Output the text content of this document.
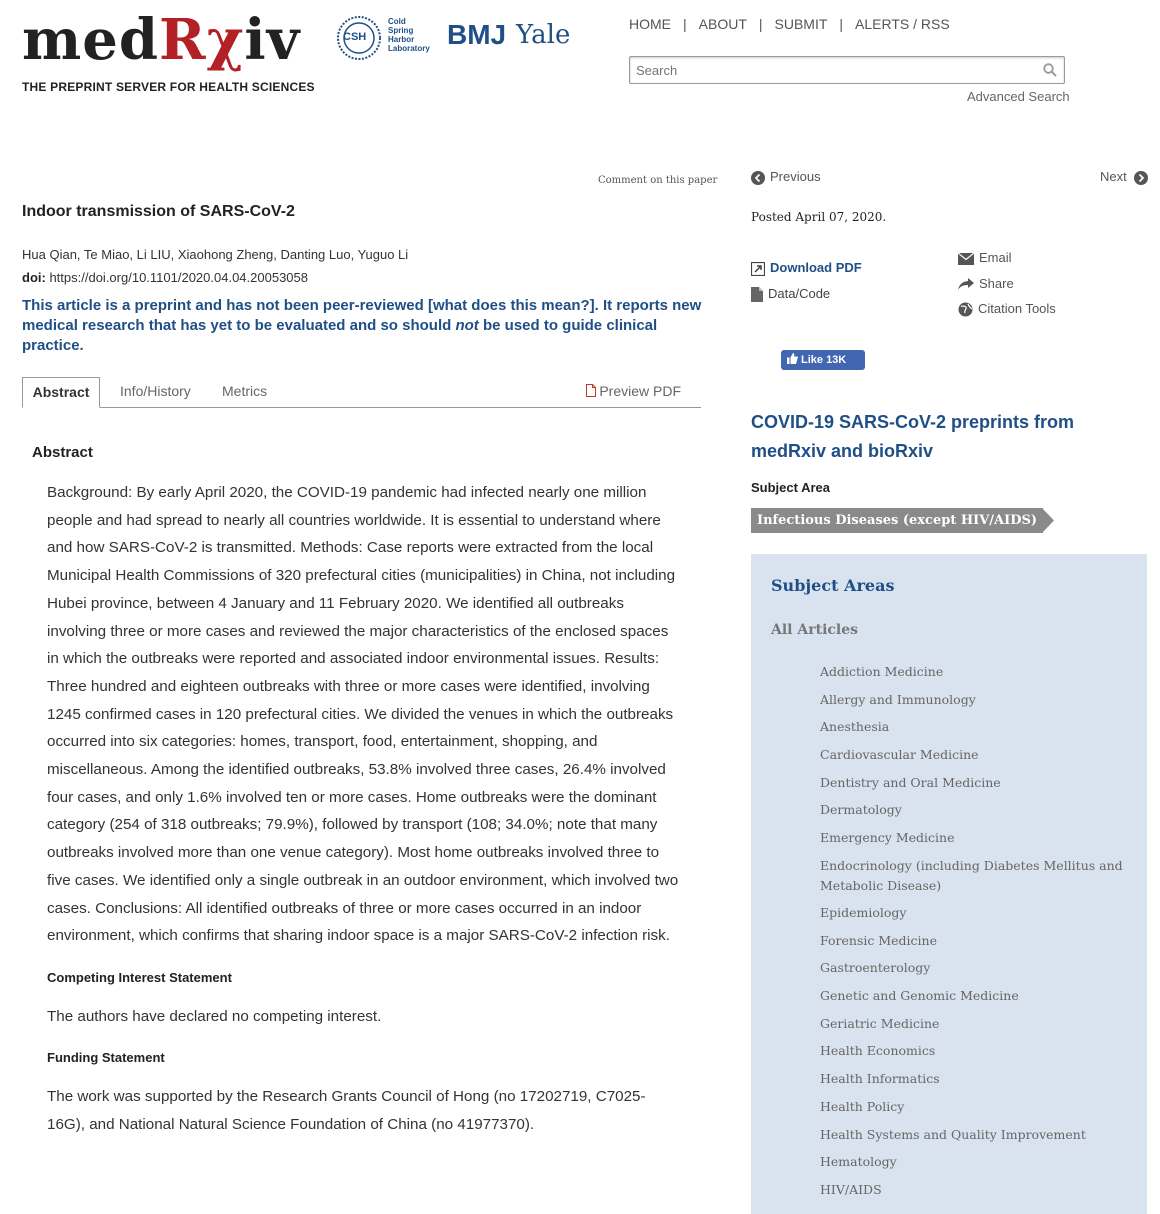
medRχiv
THE PREPRINT SERVER FOR HEALTH SCIENCES
CSH
Cold
Spring
Harbor
Laboratory BMJ Yale	HOME | ABOUT | SUBMIT | ALERTS / RSS
Search
Advanced Search
Comment on this paper
Indoor transmission of SARS-CoV-2
Hua Qian, Te Miao, Li LIU, Xiaohong Zheng, Danting Luo, Yuguo Li
doi: https://doi.org/10.1101/2020.04.04.20053058
This article is a preprint and has not been peer-reviewed [what does this mean?]. It reports new medical research that has yet to be evaluated and so should not be used to guide clinical practice.
Abstract	Info/History Metrics	Preview PDF
Abstract
Background: By early April 2020, the COVID-19 pandemic had infected nearly one million people and had spread to nearly all countries worldwide. It is essential to understand where and how SARS-CoV-2 is transmitted. Methods: Case reports were extracted from the local Municipal Health Commissions of 320 prefectural cities (municipalities) in China, not including Hubei province, between 4 January and 11 February 2020. We identified all outbreaks involving three or more cases and reviewed the major characteristics of the enclosed spaces in which the outbreaks were reported and associated indoor environmental issues. Results: Three hundred and eighteen outbreaks with three or more cases were identified, involving 1245 confirmed cases in 120 prefectural cities. We divided the venues in which the outbreaks occurred into six categories: homes, transport, food, entertainment, shopping, and miscellaneous. Among the identified outbreaks, 53.8% involved three cases, 26.4% involved four cases, and only 1.6% involved ten or more cases. Home outbreaks were the dominant category (254 of 318 outbreaks; 79.9%), followed by transport (108; 34.0%; note that many outbreaks involved more than one venue category). Most home outbreaks involved three to five cases. We identified only a single outbreak in an outdoor environment, which involved two cases. Conclusions: All identified outbreaks of three or more cases occurred in an indoor environment, which confirms that sharing indoor space is a major SARS-CoV-2 infection risk.
Competing Interest Statement
The authors have declared no competing interest.
Funding Statement
The work was supported by the Research Grants Council of Hong (no 17202719, C7025-16G), and National Natural Science Foundation of China (no 41977370).
Previous	Next
Posted April 07, 2020.
Download PDF
Data/Code
Email
Share
Citation Tools
Like 13K
COVID-19 SARS-CoV-2 preprints from medRxiv and bioRxiv
Subject Area
Infectious Diseases (except HIV/AIDS)
Subject Areas
All Articles
Addiction Medicine
Allergy and Immunology
Anesthesia
Cardiovascular Medicine
Dentistry and Oral Medicine
Dermatology
Emergency Medicine
Endocrinology (including Diabetes Mellitus and Metabolic Disease)
Epidemiology
Forensic Medicine
Gastroenterology
Genetic and Genomic Medicine
Geriatric Medicine
Health Economics
Health Informatics
Health Policy
Health Systems and Quality Improvement
Hematology
HIV/AIDS
